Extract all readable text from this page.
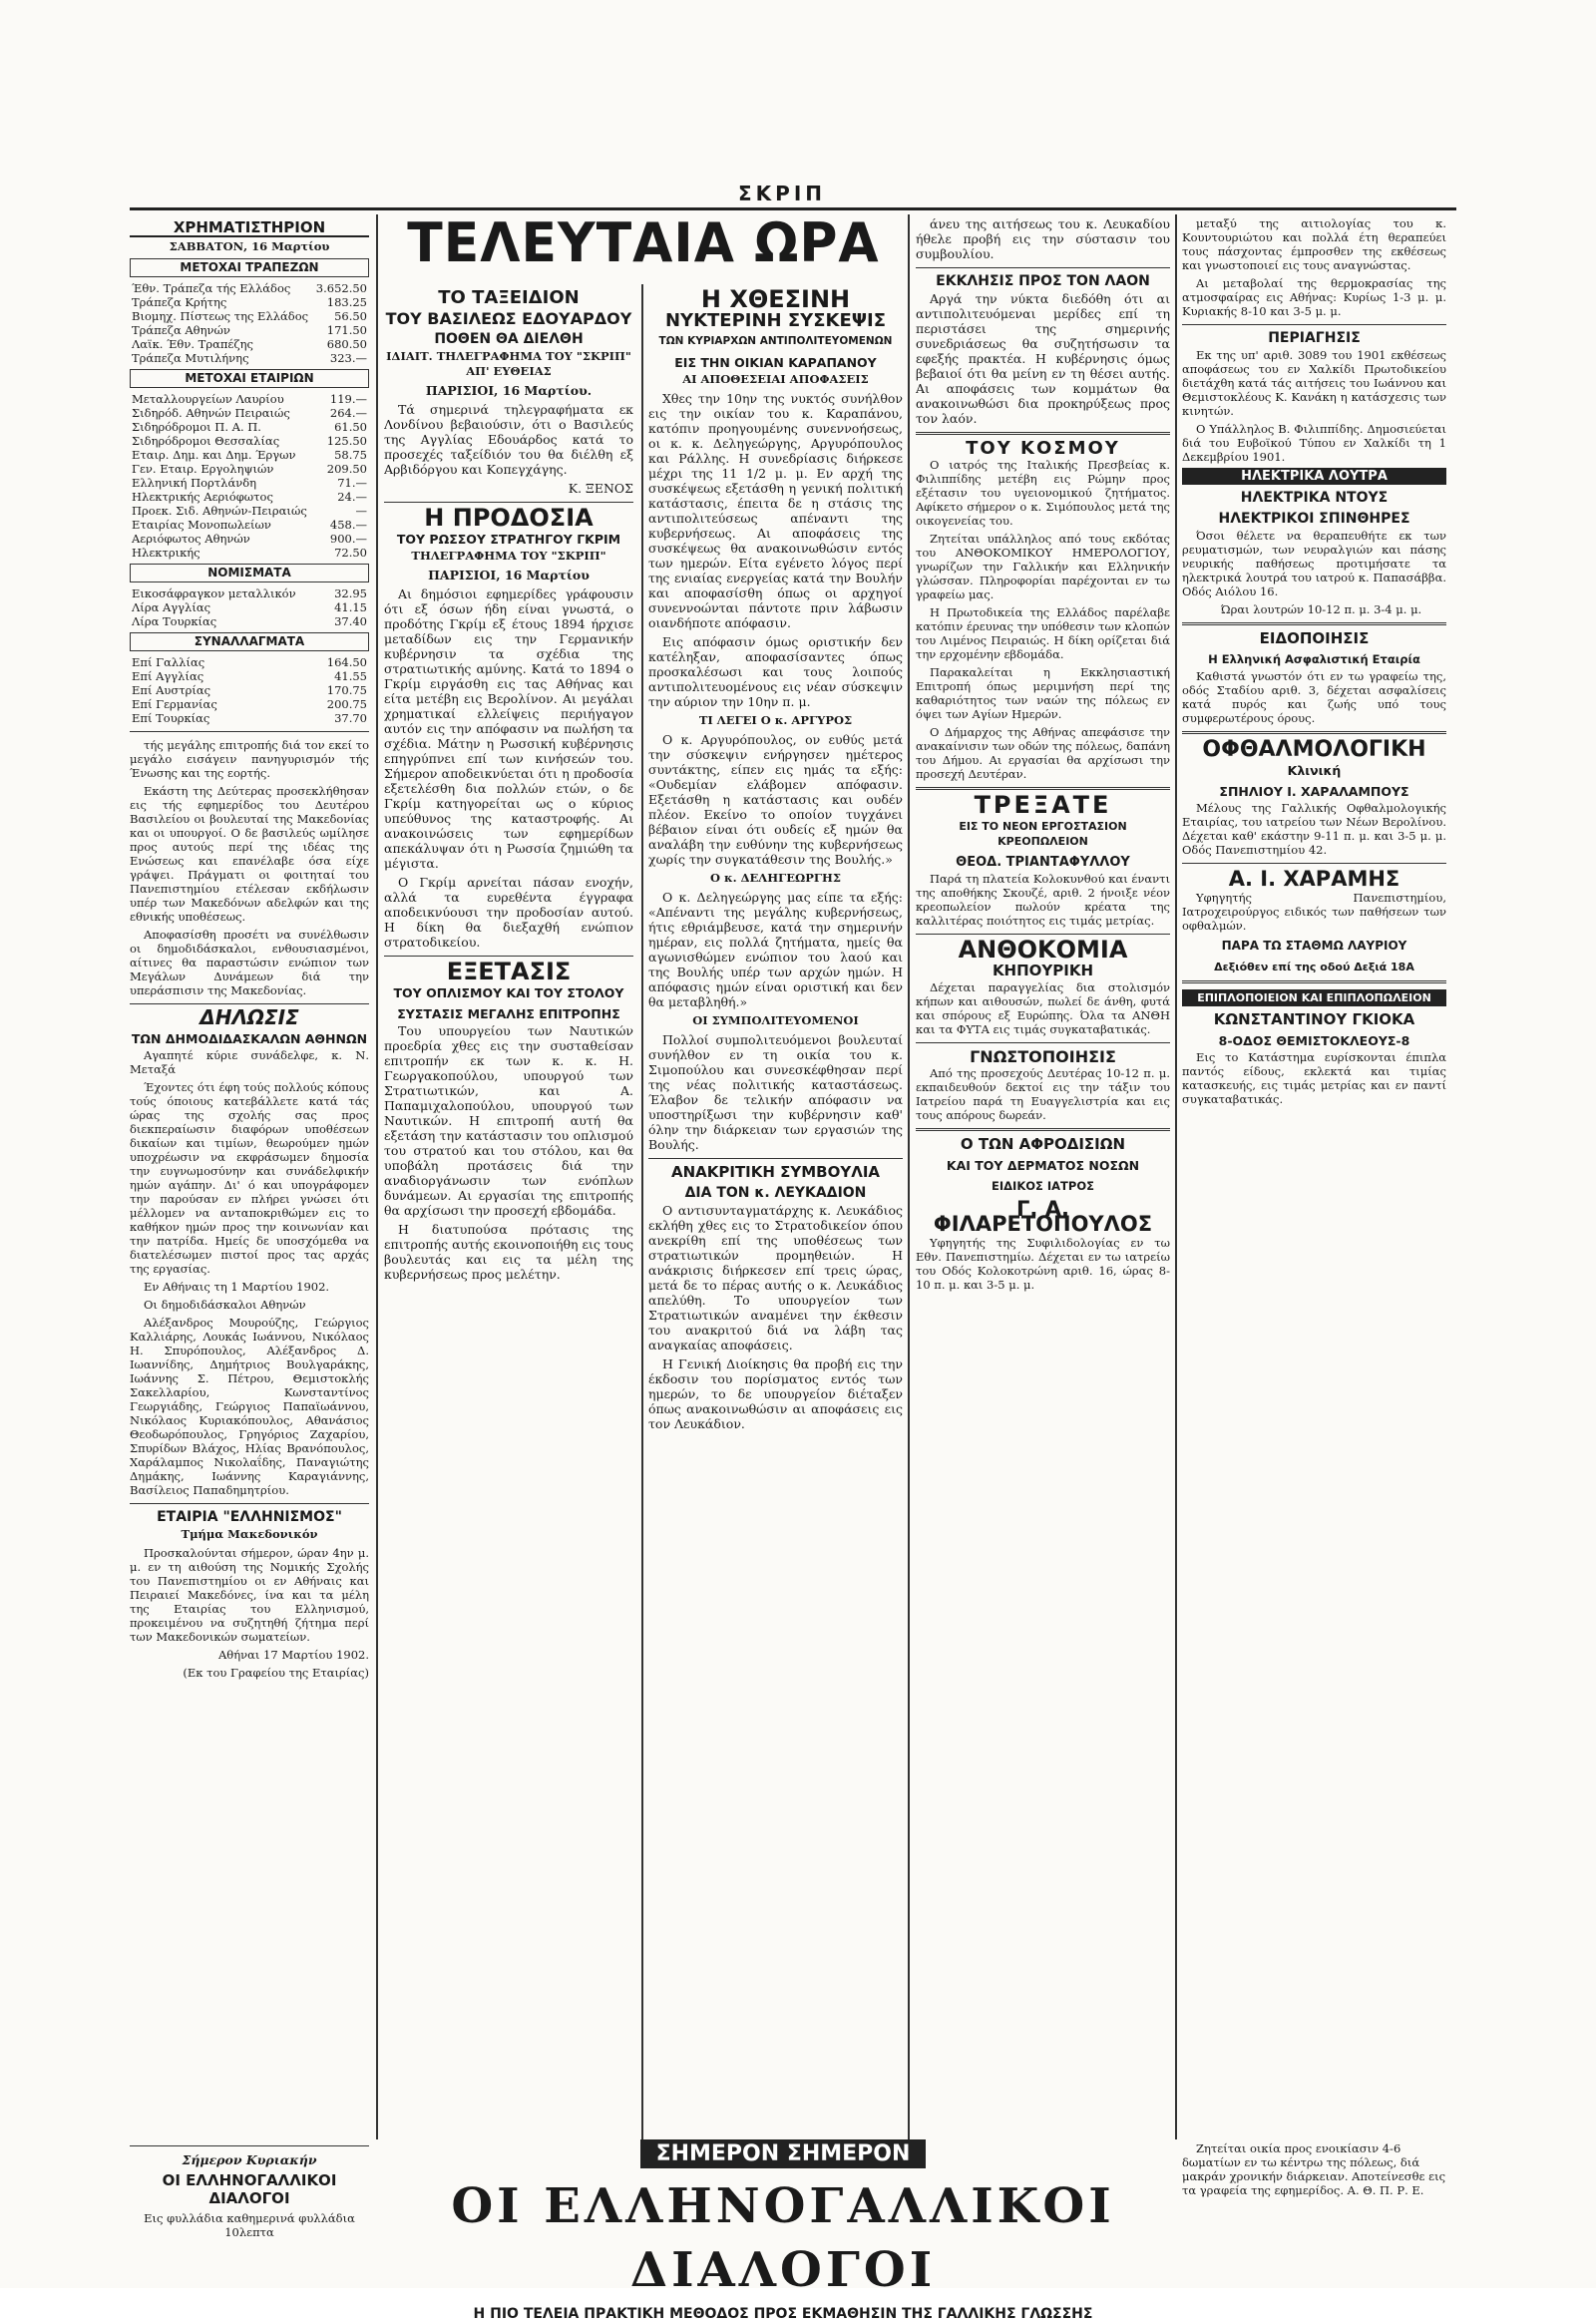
ΣΚΡΙΠ
ΧΡΗΜΑΤΙΣΤΗΡΙΟΝ
ΣΑΒΒΑΤΟΝ, 16 Μαρτίου
ΜΕΤΟΧΑΙ ΤΡΑΠΕΖΩΝ
Έθν. Τράπεζα τής Ελλάδος	3.652.50
Τράπεζα Κρήτης	183.25
Βιομηχ. Πίστεως της Ελλάδος	56.50
Τράπεζα Αθηνών	171.50
Λαϊκ. Έθν. Τραπέζης	680.50
Τράπεζα Μυτιλήνης	323.—
ΜΕΤΟΧΑΙ ΕΤΑΙΡΙΩΝ
Μεταλλουργείων Λαυρίου	119.—
Σιδηρόδ. Αθηνών Πειραιώς	264.—
Σιδηρόδρομοι Π. Α. Π.	61.50
Σιδηρόδρομοι Θεσσαλίας	125.50
Εταιρ. Δημ. και Δημ. Έργων	58.75
Γεν. Εταιρ. Εργοληψιών	209.50
Ελληνική Πορτλάνδη	71.—
Ηλεκτρικής Αεριόφωτος	24.—
Προεκ. Σιδ. Αθηνών-Πειραιώς	—
Εταιρίας Μονοπωλείων	458.—
Αεριόφωτος Αθηνών	900.—
Ηλεκτρικής	72.50
ΝΟΜΙΣΜΑΤΑ
Εικοσάφραγκον μεταλλικόν	32.95
Λίρα Αγγλίας	41.15
Λίρα Τουρκίας	37.40
ΣΥΝΑΛΛΑΓΜΑΤΑ
Επί Γαλλίας	164.50
Επί Αγγλίας	41.55
Επί Αυστρίας	170.75
Επί Γερμανίας	200.75
Επί Τουρκίας	37.70

τής μεγάλης επιτροπής διά τον εκεί το μεγάλο εισάγειν πανηγυρισμόν τής Ένωσης και της εορτής.

Εκάστη της Δεύτερας προσεκλήθησαν εις τής εφημερίδος του Δευτέρου Βασιλείου οι βουλευταί της Μακεδονίας και οι υπουργοί. Ο δε βασιλεύς ωμίλησε προς αυτούς περί της ιδέας της Ενώσεως και επανέλαβε όσα είχε γράψει. Πράγματι οι φοιτηταί του Πανεπιστημίου ετέλεσαν εκδήλωσιν υπέρ των Μακεδόνων αδελφών και της εθνικής υποθέσεως.

Αποφασίσθη προσέτι να συνέλθωσιν οι δημοδιδάσκαλοι, ενθουσιασμένοι, αίτινες θα παραστώσιν ενώπιον των Μεγάλων Δυνάμεων διά την υπεράσπισιν της Μακεδονίας.

ΔΗΛΩΣΙΣ
ΤΩΝ ΔΗΜΟΔΙΔΑΣΚΑΛΩΝ ΑΘΗΝΩΝ

Αγαπητέ κύριε συνάδελφε, κ. Ν. Μεταξά

Έχοντες ότι έφη τούς πολλούς κόπους τούς όποιους κατεβάλλετε κατά τάς ώρας της σχολής σας προς διεκπεραίωσιν διαφόρων υποθέσεων δικαίων και τιμίων, θεωρούμεν ημών υποχρέωσιν να εκφράσωμεν δημοσία την ευγνωμοσύνην και συνάδελφικήν ημών αγάπην. Δι' ό και υπογράφομεν την παρούσαν εν πλήρει γνώσει ότι μέλλομεν να ανταποκριθώμεν εις το καθήκον ημών προς την κοινωνίαν και την πατρίδα. Ημείς δε υποσχόμεθα να διατελέσωμεν πιστοί προς τας αρχάς της εργασίας.

Εν Αθήναις τη 1 Μαρτίου 1902.

Οι δημοδιδάσκαλοι Αθηνών

Αλέξανδρος Μουρούζης, Γεώργιος Καλλιάρης, Λουκάς Ιωάννου, Νικόλαος Η. Σπυρόπουλος, Αλέξανδρος Δ. Ιωαννίδης, Δημήτριος Βουλγαράκης, Ιωάννης Σ. Πέτρου, Θεμιστοκλής Σακελλαρίου, Κωνσταντίνος Γεωργιάδης, Γεώργιος Παπαϊωάννου, Νικόλαος Κυριακόπουλος, Αθανάσιος Θεοδωρόπουλος, Γρηγόριος Ζαχαρίου, Σπυρίδων Βλάχος, Ηλίας Βρανόπουλος, Χαράλαμπος Νικολαΐδης, Παναγιώτης Δημάκης, Ιωάννης Καραγιάννης, Βασίλειος Παπαδημητρίου.

ΕΤΑΙΡΙΑ "ΕΛΛΗΝΙΣΜΟΣ"
Τμήμα Μακεδονικόν

Προσκαλούνται σήμερον, ώραν 4ην μ. μ. εν τη αιθούση της Νομικής Σχολής του Πανεπιστημίου οι εν Αθήναις και Πειραιεί Μακεδόνες, ίνα και τα μέλη της Εταιρίας του Ελληνισμού, προκειμένου να συζητηθή ζήτημα περί των Μακεδονικών σωματείων.

Αθήναι 17 Μαρτίου 1902.

(Εκ του Γραφείου της Εταιρίας)

ΤΕΛΕΥΤΑΙΑ ΩΡΑ
ΤΟ ΤΑΞΕΙΔΙΟΝ
ΤΟΥ ΒΑΣΙΛΕΩΣ ΕΔΟΥΑΡΔΟΥ
ΠΟΘΕΝ ΘΑ ΔΙΕΛΘΗ
ΙΔΙΑΙΤ. ΤΗΛΕΓΡΑΦΗΜΑ ΤΟΥ "ΣΚΡΙΠ" ΑΠ' ΕΥΘΕΙΑΣ

ΠΑΡΙΣΙΟΙ, 16 Μαρτίου.

Τά σημερινά τηλεγραφήματα εκ Λονδίνου βεβαιούσιν, ότι ο Βασιλεύς της Αγγλίας Εδουάρδος κατά το προσεχές ταξείδιόν του θα διέλθη εξ Αρβιδόργου και Κοπεγχάγης.

Κ. ΞΕΝΟΣ

Η ΠΡΟΔΟΣΙΑ
ΤΟΥ ΡΩΣΣΟΥ ΣΤΡΑΤΗΓΟΥ ΓΚΡΙΜ
ΤΗΛΕΓΡΑΦΗΜΑ ΤΟΥ "ΣΚΡΙΠ"

ΠΑΡΙΣΙΟΙ, 16 Μαρτίου

Αι δημόσιοι εφημερίδες γράφουσιν ότι εξ όσων ήδη είναι γνωστά, ο προδότης Γκρίμ εξ έτους 1894 ήρχισε μεταδίδων εις την Γερμανικήν κυβέρνησιν τα σχέδια της στρατιωτικής αμύνης. Κατά το 1894 ο Γκρίμ ειργάσθη εις τας Αθήνας και είτα μετέβη εις Βερολίνον. Αι μεγάλαι χρηματικαί ελλείψεις περιήγαγον αυτόν εις την απόφασιν να πωλήση τα σχέδια. Μάτην η Ρωσσική κυβέρνησις επηγρύπνει επί των κινήσεών του. Σήμερον αποδεικνύεται ότι η προδοσία εξετελέσθη δια πολλών ετών, ο δε Γκρίμ κατηγορείται ως ο κύριος υπεύθυνος της καταστροφής. Αι ανακοινώσεις των εφημερίδων απεκάλυψαν ότι η Ρωσσία ζημιώθη τα μέγιστα.

Ο Γκρίμ αρνείται πάσαν ενοχήν, αλλά τα ευρεθέντα έγγραφα αποδεικνύουσι την προδοσίαν αυτού. Η δίκη θα διεξαχθή ενώπιον στρατοδικείου.

ΕΞΕΤΑΣΙΣ
ΤΟΥ ΟΠΛΙΣΜΟΥ ΚΑΙ ΤΟΥ ΣΤΟΛΟΥ
ΣΥΣΤΑΣΙΣ ΜΕΓΑΛΗΣ ΕΠΙΤΡΟΠΗΣ

Του υπουργείου των Ναυτικών προεδρία χθες εις την συσταθείσαν επιτροπήν εκ των κ. κ. Η. Γεωργακοπούλου, υπουργού των Στρατιωτικών, και Α. Παπαμιχαλοπούλου, υπουργού των Ναυτικών. Η επιτροπή αυτή θα εξετάση την κατάστασιν του οπλισμού του στρατού και του στόλου, και θα υποβάλη προτάσεις διά την αναδιοργάνωσιν των ενόπλων δυνάμεων. Αι εργασίαι της επιτροπής θα αρχίσωσι την προσεχή εβδομάδα.

Η διατυπούσα πρότασις της επιτροπής αυτής εκοινοποιήθη εις τους βουλευτάς και εις τα μέλη της κυβερνήσεως προς μελέτην.

Η ΧΘΕΣΙΝΗ
ΝΥΚΤΕΡΙΝΗ ΣΥΣΚΕΨΙΣ
ΤΩΝ ΚΥΡΙΑΡΧΩΝ ΑΝΤΙΠΟΛΙΤΕΥΟΜΕΝΩΝ
ΕΙΣ ΤΗΝ ΟΙΚΙΑΝ ΚΑΡΑΠΑΝΟΥ
ΑΙ ΑΠΟΘΕΣΕΙΑΙ ΑΠΟΦΑΣΕΙΣ

Χθες την 10ην της νυκτός συνήλθον εις την οικίαν του κ. Καραπάνου, κατόπιν προηγουμένης συνεννοήσεως, οι κ. κ. Δεληγεώργης, Αργυρόπουλος και Ράλλης. Η συνεδρίασις διήρκεσε μέχρι της 11 1/2 μ. μ. Εν αρχή της συσκέψεως εξετάσθη η γενική πολιτική κατάστασις, έπειτα δε η στάσις της αντιπολιτεύσεως απέναντι της κυβερνήσεως. Αι αποφάσεις της συσκέψεως θα ανακοινωθώσιν εντός των ημερών. Είτα εγένετο λόγος περί της ενιαίας ενεργείας κατά την Βουλήν και αποφασίσθη όπως οι αρχηγοί συνεννοώνται πάντοτε πριν λάβωσιν οιανδήποτε απόφασιν.

Εις απόφασιν όμως οριστικήν δεν κατέληξαν, αποφασίσαντες όπως προσκαλέσωσι και τους λοιπούς αντιπολιτευομένους εις νέαν σύσκεψιν την αύριον την 10ην π. μ.

ΤΙ ΛΕΓΕΙ Ο κ. ΑΡΓΥΡΟΣ

Ο κ. Αργυρόπουλος, ον ευθύς μετά την σύσκεψιν ενήργησεν ημέτερος συντάκτης, είπεν εις ημάς τα εξής: «Ουδεμίαν ελάβομεν απόφασιν. Εξετάσθη η κατάστασις και ουδέν πλέον. Εκείνο το οποίον τυγχάνει βέβαιον είναι ότι ουδείς εξ ημών θα αναλάβη την ευθύνην της κυβερνήσεως χωρίς την συγκατάθεσιν της Βουλής.»

Ο κ. ΔΕΛΗΓΕΩΡΓΗΣ

Ο κ. Δεληγεώργης μας είπε τα εξής: «Απέναντι της μεγάλης κυβερνήσεως, ήτις εθριάμβευσε, κατά την σημερινήν ημέραν, εις πολλά ζητήματα, ημείς θα αγωνισθώμεν ενώπιον του λαού και της Βουλής υπέρ των αρχών ημών. Η απόφασις ημών είναι οριστική και δεν θα μεταβληθή.»

ΟΙ ΣΥΜΠΟΛΙΤΕΥΟΜΕΝΟΙ

Πολλοί συμπολιτευόμενοι βουλευταί συνήλθον εν τη οικία του κ. Σιμοπούλου και συνεσκέφθησαν περί της νέας πολιτικής καταστάσεως. Έλαβον δε τελικήν απόφασιν να υποστηρίξωσι την κυβέρνησιν καθ' όλην την διάρκειαν των εργασιών της Βουλής.

ΑΝΑΚΡΙΤΙΚΗ ΣΥΜΒΟΥΛΙΑ
ΔΙΑ ΤΟΝ κ. ΛΕΥΚΑΔΙΟΝ

Ο αντισυνταγματάρχης κ. Λευκάδιος εκλήθη χθες εις το Στρατοδικείον όπου ανεκρίθη επί της υποθέσεως των στρατιωτικών προμηθειών. Η ανάκρισις διήρκεσεν επί τρεις ώρας, μετά δε το πέρας αυτής ο κ. Λευκάδιος απελύθη. Το υπουργείον των Στρατιωτικών αναμένει την έκθεσιν του ανακριτού διά να λάβη τας αναγκαίας αποφάσεις.

Η Γενική Διοίκησις θα προβή εις την έκδοσιν του πορίσματος εντός των ημερών, το δε υπουργείον διέταξεν όπως ανακοινωθώσιν αι αποφάσεις εις τον Λευκάδιον.

άνευ της αιτήσεως του κ. Λευκαδίου ήθελε προβή εις την σύστασιν του συμβουλίου.

ΕΚΚΛΗΣΙΣ ΠΡΟΣ ΤΟΝ ΛΑΟΝ

Αργά την νύκτα διεδόθη ότι αι αντιπολιτευόμεναι μερίδες επί τη περιστάσει της σημερινής συνεδριάσεως θα συζητήσωσιν τα εφεξής πρακτέα. Η κυβέρνησις όμως βεβαιοί ότι θα μείνη εν τη θέσει αυτής. Αι αποφάσεις των κομμάτων θα ανακοινωθώσι δια προκηρύξεως προς τον λαόν.

ΤΟΥ ΚΟΣΜΟΥ

Ο ιατρός της Ιταλικής Πρεσβείας κ. Φιλιππίδης μετέβη εις Ρώμην προς εξέτασιν του υγειονομικού ζητήματος. Αφίκετο σήμερον ο κ. Σιμόπουλος μετά της οικογενείας του.

Ζητείται υπάλληλος από τους εκδότας του ΑΝΘΟΚΟΜΙΚΟΥ ΗΜΕΡΟΛΟΓΙΟΥ, γνωρίζων την Γαλλικήν και Ελληνικήν γλώσσαν. Πληροφορίαι παρέχονται εν τω γραφείω μας.

Η Πρωτοδικεία της Ελλάδος παρέλαβε κατόπιν έρευνας την υπόθεσιν των κλοπών του Λιμένος Πειραιώς. Η δίκη ορίζεται διά την ερχομένην εβδομάδα.

Παρακαλείται η Εκκλησιαστική Επιτροπή όπως μεριμνήση περί της καθαριότητος των ναών της πόλεως εν όψει των Αγίων Ημερών.

Ο Δήμαρχος της Αθήνας απεφάσισε την ανακαίνισιν των οδών της πόλεως, δαπάνη του Δήμου. Αι εργασίαι θα αρχίσωσι την προσεχή Δευτέραν.

ΤΡΕΞΑΤΕ
ΕΙΣ ΤΟ ΝΕΟΝ ΕΡΓΟΣΤΑΣΙΟΝ ΚΡΕΟΠΩΛΕΙΟΝ
ΘΕΟΔ. ΤΡΙΑΝΤΑΦΥΛΛΟΥ

Παρά τη πλατεία Κολοκυνθού και έναντι της αποθήκης Σκουζέ, αριθ. 2 ήνοιξε νέον κρεοπωλείον πωλούν κρέατα της καλλιτέρας ποιότητος εις τιμάς μετρίας.

ΑΝΘΟΚΟΜΙΑ
ΚΗΠΟΥΡΙΚΗ

Δέχεται παραγγελίας δια στολισμόν κήπων και αιθουσών, πωλεί δε άνθη, φυτά και σπόρους εξ Ευρώπης. Όλα τα ΑΝΘΗ και τα ΦΥΤΑ εις τιμάς συγκαταβατικάς.

ΓΝΩΣΤΟΠΟΙΗΣΙΣ

Από της προσεχούς Δευτέρας 10-12 π. μ. εκπαιδευθούν δεκτοί εις την τάξιν του Ιατρείου παρά τη Ευαγγελιστρία και εις τους απόρους δωρεάν.

Ο ΤΩΝ ΑΦΡΟΔΙΣΙΩΝ
ΚΑΙ ΤΟΥ ΔΕΡΜΑΤΟΣ ΝΟΣΩΝ
ΕΙΔΙΚΟΣ ΙΑΤΡΟΣ
Γ. Α. ΦΙΛΑΡΕΤΟΠΟΥΛΟΣ

Υφηγητής της Συφιλιδολογίας εν τω Εθν. Πανεπιστημίω. Δέχεται εν τω ιατρείω του Οδός Κολοκοτρώνη αριθ. 16, ώρας 8-10 π. μ. και 3-5 μ. μ.

μεταξύ της αιτιολογίας του κ. Κουντουριώτου και πολλά έτη θεραπεύει τους πάσχοντας έμπροσθεν της εκθέσεως και γνωστοποιεί εις τους αναγνώστας.

Αι μεταβολαί της θερμοκρασίας της ατμοσφαίρας εις Αθήνας: Κυρίως 1-3 μ. μ. Κυριακής 8-10 και 3-5 μ. μ.

ΠΕΡΙΑΓΗΣΙΣ

Εκ της υπ' αριθ. 3089 του 1901 εκθέσεως αποφάσεως του εν Χαλκίδι Πρωτοδικείου διετάχθη κατά τάς αιτήσεις του Ιωάννου και Θεμιστοκλέους Κ. Κανάκη η κατάσχεσις των κινητών.

Ο Υπάλληλος Β. Φιλιππίδης. Δημοσιεύεται διά του Ευβοϊκού Τύπου εν Χαλκίδι τη 1 Δεκεμβρίου 1901.

ΗΛΕΚΤΡΙΚΑ ΛΟΥΤΡΑ
ΗΛΕΚΤΡΙΚΑ ΝΤΟΥΣ
ΗΛΕΚΤΡΙΚΟΙ ΣΠΙΝΘΗΡΕΣ

Όσοι θέλετε να θεραπευθήτε εκ των ρευματισμών, των νευραλγιών και πάσης νευρικής παθήσεως προτιμήσατε τα ηλεκτρικά λουτρά του ιατρού κ. Παπασάββα. Οδός Αιόλου 16.

Ώραι λουτρών 10-12 π. μ. 3-4 μ. μ.

ΕΙΔΟΠΟΙΗΣΙΣ
Η Ελληνική Ασφαλιστική Εταιρία

Καθιστά γνωστόν ότι εν τω γραφείω της, οδός Σταδίου αριθ. 3, δέχεται ασφαλίσεις κατά πυρός και ζωής υπό τους συμφερωτέρους όρους.

ΟΦΘΑΛΜΟΛΟΓΙΚΗ
Κλινική
ΣΠΗΛΙΟΥ Ι. ΧΑΡΑΛΑΜΠΟΥΣ

Μέλους της Γαλλικής Οφθαλμολογικής Εταιρίας, του ιατρείου των Νέων Βερολίνου. Δέχεται καθ' εκάστην 9-11 π. μ. και 3-5 μ. μ. Οδός Πανεπιστημίου 42.

Α. Ι. ΧΑΡΑΜΗΣ

Υφηγητής Πανεπιστημίου, Ιατροχειρούργος ειδικός των παθήσεων των οφθαλμών.

ΠΑΡΑ ΤΩ ΣΤΑΘΜΩ ΛΑΥΡΙΟΥ
Δεξιόθεν επί της οδού Δεξιά 18Α
ΕΠΙΠΛΟΠΟΙΕΙΟΝ ΚΑΙ ΕΠΙΠΛΟΠΩΛΕΙΟΝ
ΚΩΝΣΤΑΝΤΙΝΟΥ ΓΚΙΟΚΑ
8-ΟΔΟΣ ΘΕΜΙΣΤΟΚΛΕΟΥΣ-8

Εις το Κατάστημα ευρίσκονται έπιπλα παντός είδους, εκλεκτά και τιμίας κατασκευής, εις τιμάς μετρίας και εν παντί συγκαταβατικάς.

Σήμερον Κυριακήν
ΟΙ ΕΛΛΗΝΟΓΑΛΛΙΚΟΙ ΔΙΑΛΟΓΟΙ
Εις φυλλάδια καθημερινά φυλλάδια 10λεπτα
ΣΗΜΕΡΟΝ ΣΗΜΕΡΟΝ
ΟΙ ΕΛΛΗΝΟΓΑΛΛΙΚΟΙ ΔΙΑΛΟΓΟΙ
Η ΠΙΟ ΤΕΛΕΙΑ ΠΡΑΚΤΙΚΗ ΜΕΘΟΔΟΣ ΠΡΟΣ ΕΚΜΑΘΗΣΙΝ ΤΗΣ ΓΑΛΛΙΚΗΣ ΓΛΩΣΣΗΣ

Ζητείται οικία προς ενοικίασιν 4-6 δωματίων εν τω κέντρω της πόλεως, διά μακράν χρονικήν διάρκειαν. Αποτείνεσθε εις τα γραφεία της εφημερίδος. Α. Θ. Π. Ρ. Ε.
